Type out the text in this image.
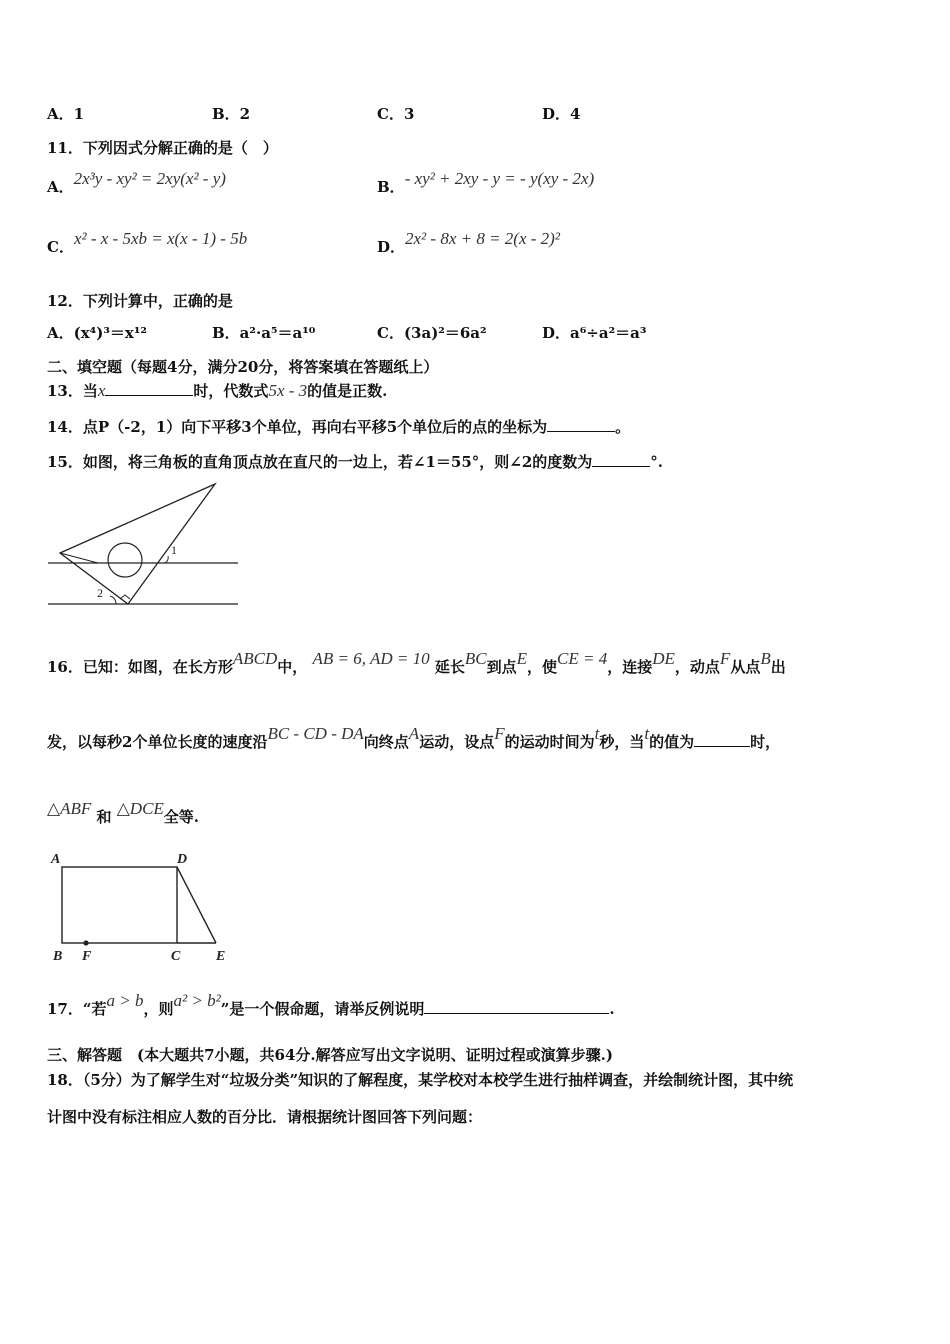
A．1	B．2	C．3	D．4
11．下列因式分解正确的是（　）
A．2x³y - xy² = 2xy(x² - y)	B．- xy² + 2xy - y = - y(xy - 2x)
C．x² - x - 5xb = x(x - 1) - 5b	D．2x² - 8x + 8 = 2(x - 2)²
12．下列计算中，正确的是
A．(x⁴)³＝x¹²	B．a²·a⁵＝a¹⁰	C．(3a)²＝6a²	D．a⁶÷a²＝a³
二、填空题（每题4分，满分20分，将答案填在答题纸上）
13．当x	时，代数式5x - 3的值是正数.
14．点P（-2，1）向下平移3个单位，再向右平移5个单位后的点的坐标为	。
15．如图，将三角板的直角顶点放在直尺的一边上，若∠1＝55°，则∠2的度数为	°.
1
2
16．已知：如图，在长方形ABCD中， AB = 6, AD = 10 延长BC到点E，使CE = 4，连接DE，动点F从点B出
发，以每秒2个单位长度的速度沿BC - CD - DA向终点A运动，设点F的运动时间为t秒，当t的值为	时，
△ABF 和 △DCE全等.
A	D
B F	C	E
17．“若a > b，则a² > b²”是一个假命题，请举反例说明	.
三、解答题　(本大题共7小题，共64分.解答应写出文字说明、证明过程或演算步骤.)
18．（5分）为了解学生对“垃圾分类”知识的了解程度，某学校对本校学生进行抽样调查，并绘制统计图，其中统
计图中没有标注相应人数的百分比．请根据统计图回答下列问题：
